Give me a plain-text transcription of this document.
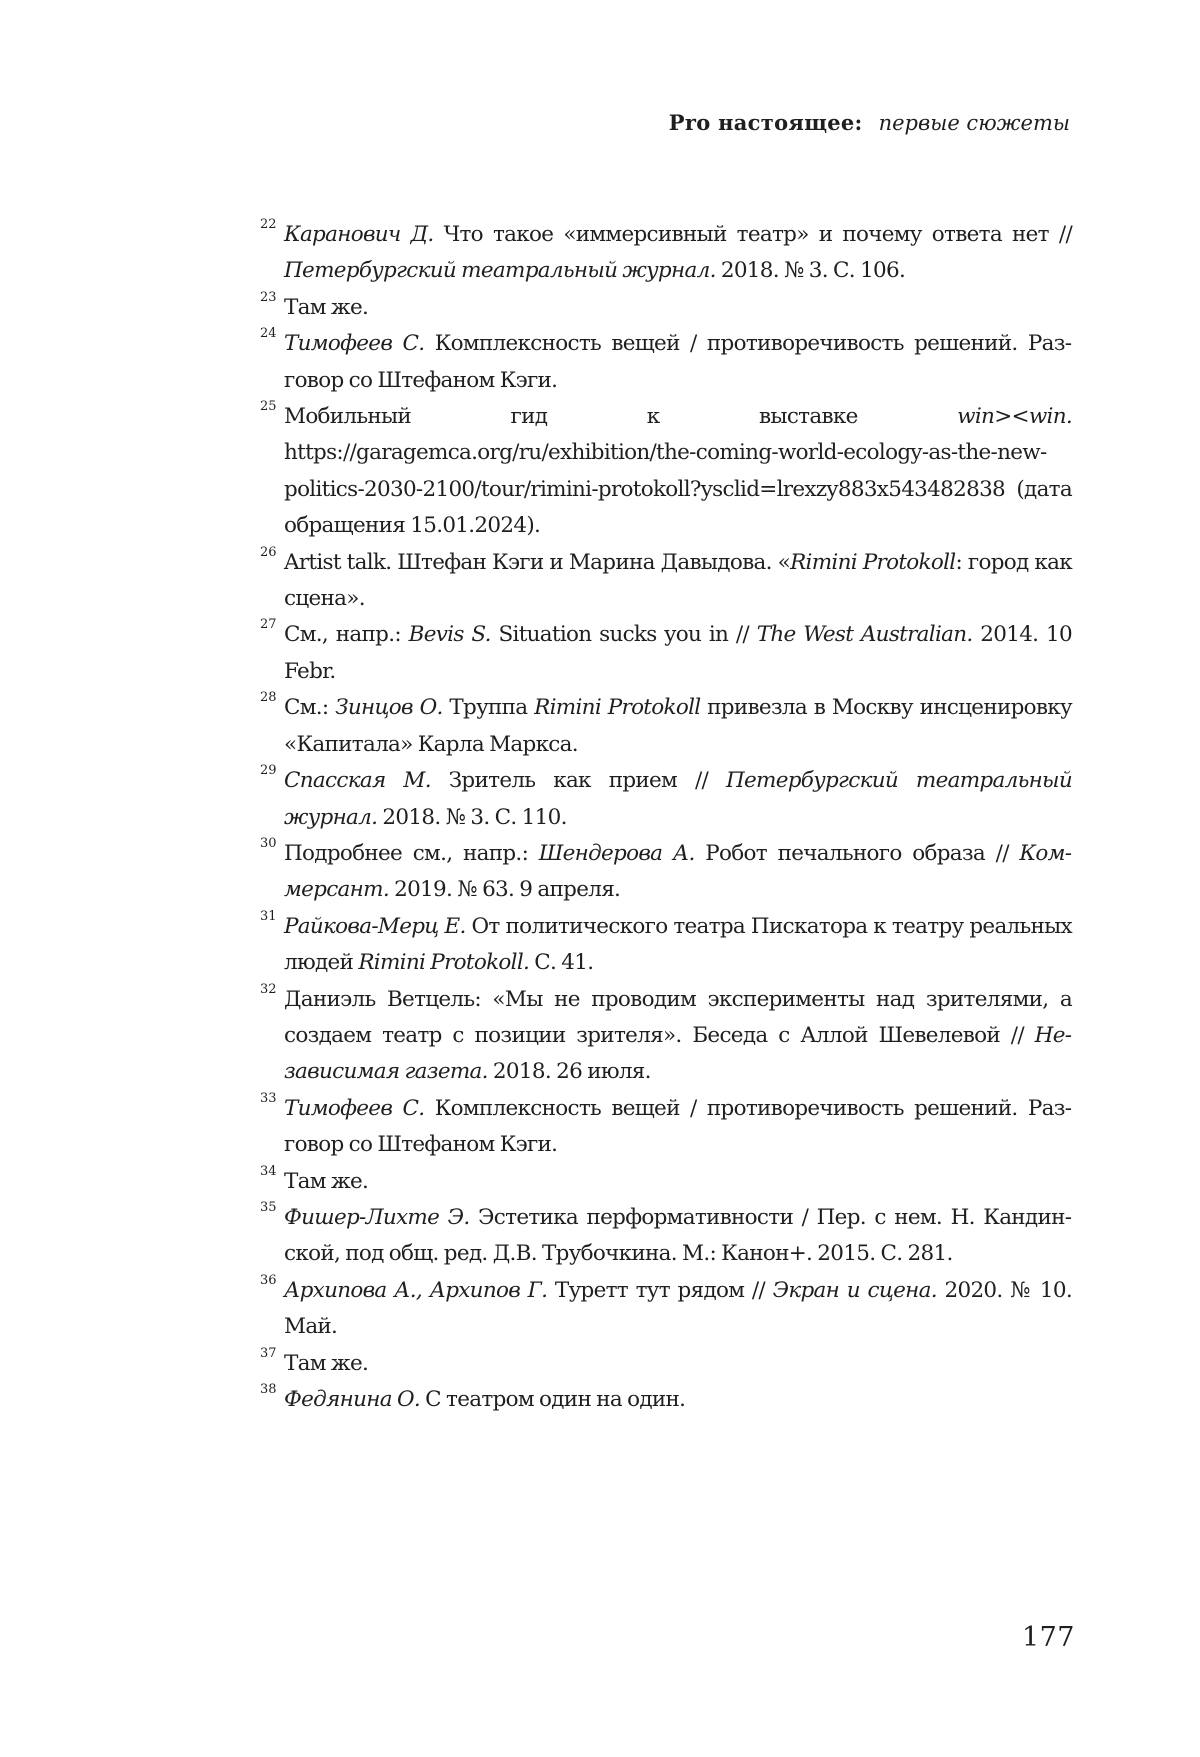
Pro настоящее: первые сюжеты
22 Каранович Д. Что такое «иммерсивный театр» и почему ответа нет // Петербургский театральный журнал. 2018. № 3. С. 106.
23 Там же.
24 Тимофеев С. Комплексность вещей / противоречивость решений. Раз­говор со Штефаном Кэги.
25 Мобильный гид к выставке win><win. https://garagemca.org/ru/exhibition/the-coming-world-ecology-as-the-new-politics-2030-2100/tour/rimini-protokoll?ysclid=lrexzy883x543482838 (дата обращения 15.01.2024).
26 Artist talk. Штефан Кэги и Марина Давыдова. «Rimini Protokoll: город как сцена».
27 См., напр.: Bevis S. Situation sucks you in // The West Australian. 2014. 10 Febr.
28 См.: Зинцов О. Труппа Rimini Protokoll привезла в Москву инсценировку «Капитала» Карла Маркса.
29 Спасская М. Зритель как прием // Петербургский театральный журнал. 2018. № 3. С. 110.
30 Подробнее см., напр.: Шендерова А. Робот печального образа // Ком­мерсант. 2019. № 63. 9 апреля.
31 Райкова-Мерц Е. От политического театра Пискатора к театру реальных людей Rimini Protokoll. С. 41.
32 Даниэль Ветцель: «Мы не проводим эксперименты над зрителями, а создаем театр с позиции зрителя». Беседа с Аллой Шевелевой // Не­зависимая газета. 2018. 26 июля.
33 Тимофеев С. Комплексность вещей / противоречивость решений. Раз­говор со Штефаном Кэги.
34 Там же.
35 Фишер-Лихте Э. Эстетика перформативности / Пер. с нем. Н. Кандин­ской, под общ. ред. Д.В. Трубочкина. М.: Канон+. 2015. С. 281.
36 Архипова А., Архипов Г. Туретт тут рядом // Экран и сцена. 2020. № 10. Май.
37 Там же.
38 Федянина О. С театром один на один.
177
